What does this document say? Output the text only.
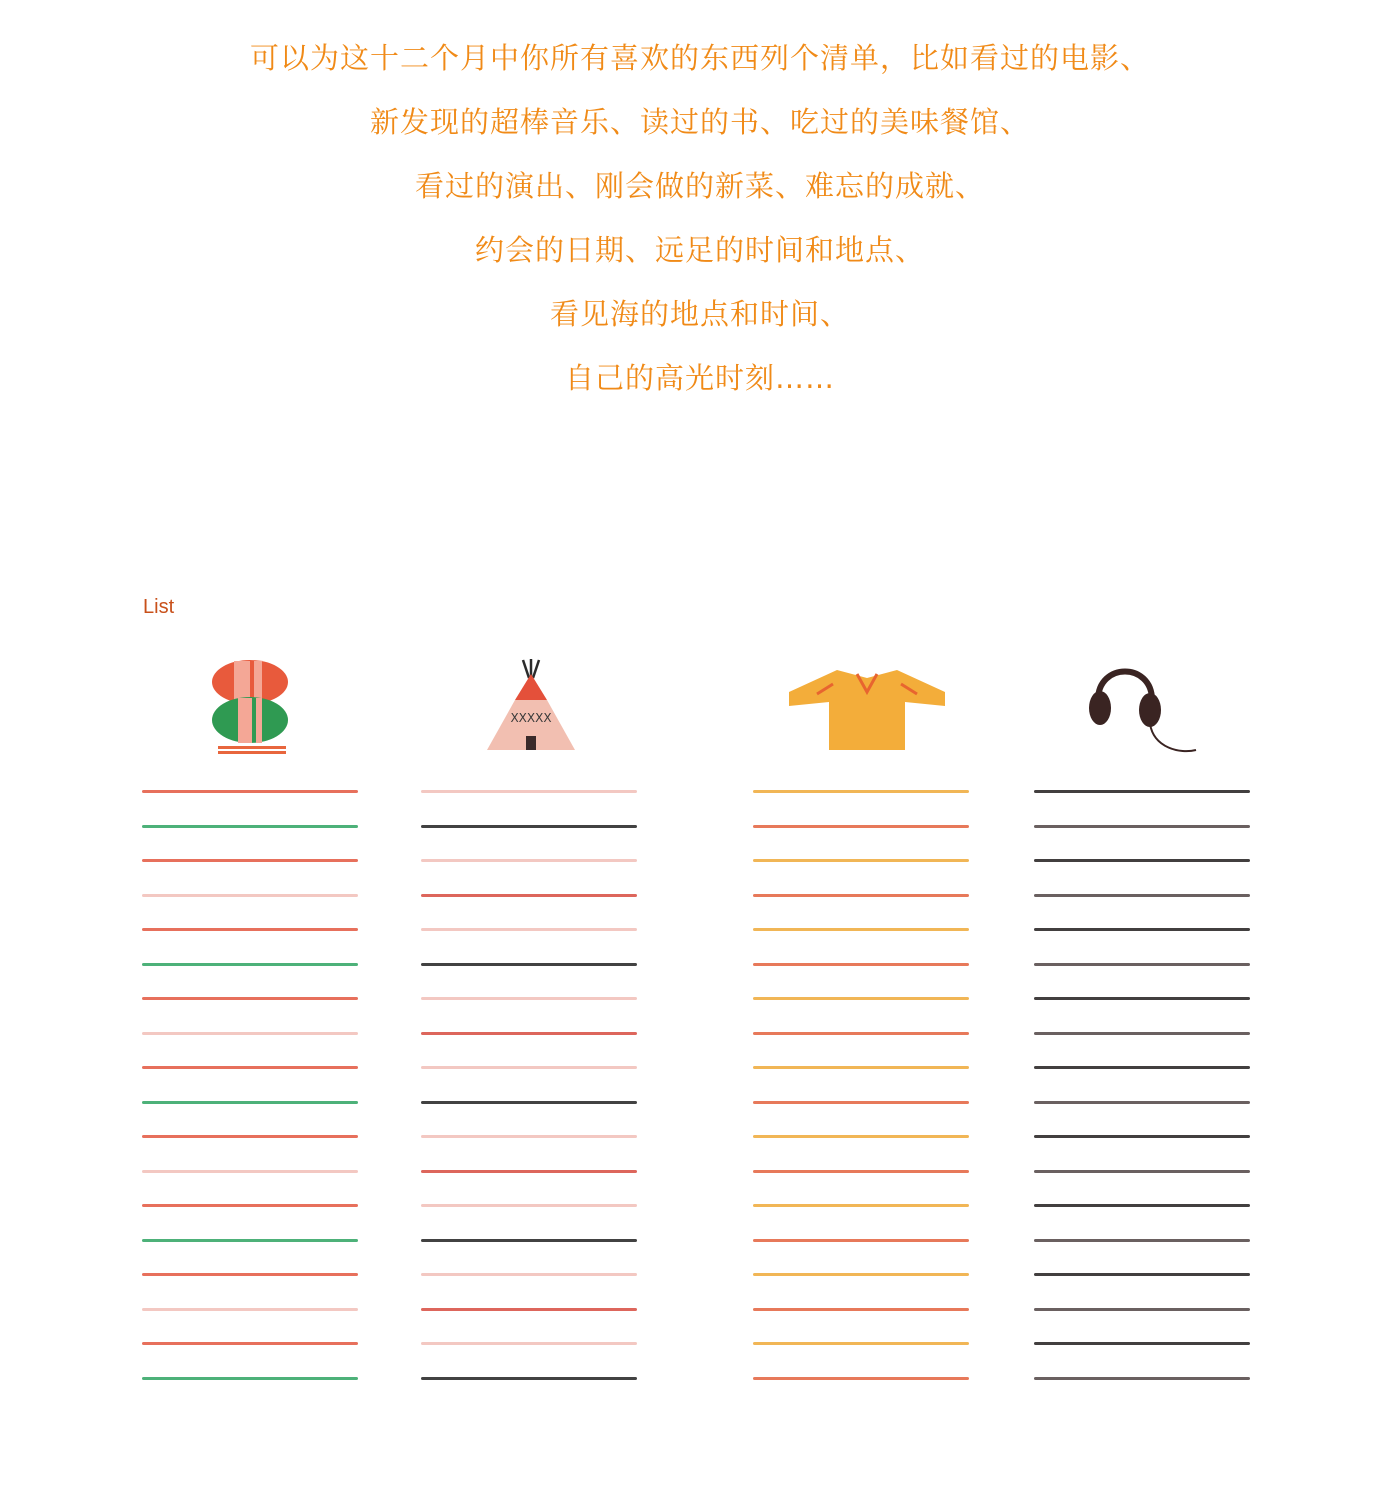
可以为这十二个月中你所有喜欢的东西列个清单，比如看过的电影、
新发现的超棒音乐、读过的书、吃过的美味餐馆、
看过的演出、刚会做的新菜、难忘的成就、
约会的日期、远足的时间和地点、
看见海的地点和时间、
自己的高光时刻……
List
XXXXX
